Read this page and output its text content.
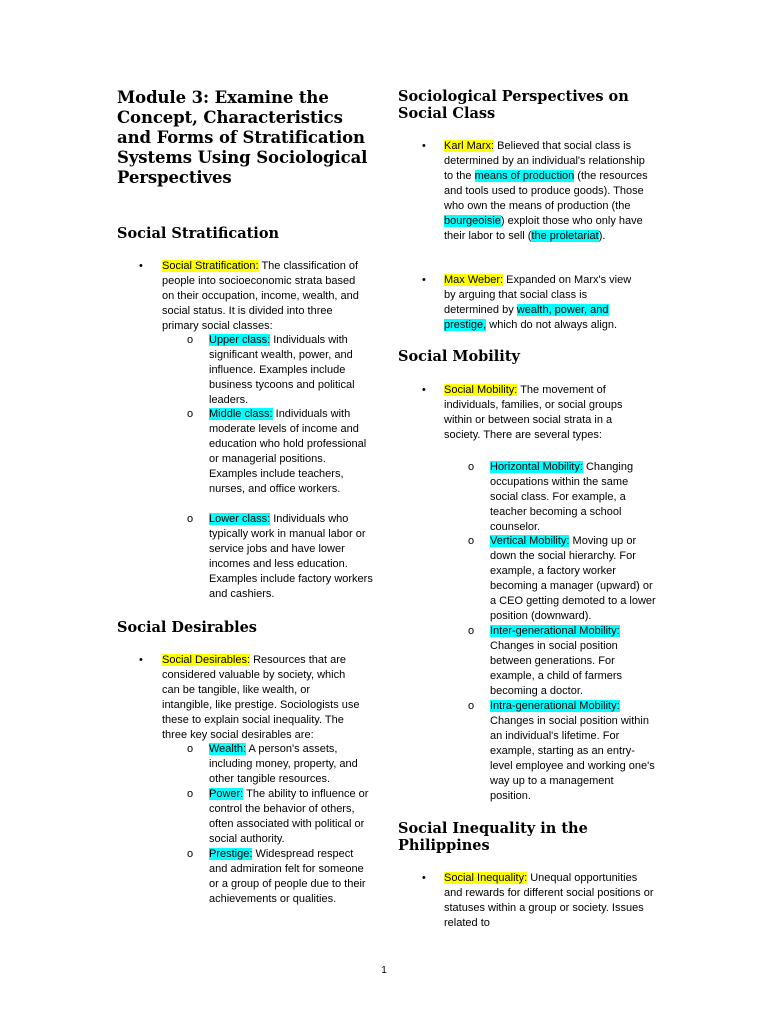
Module 3: Examine the Concept, Characteristics and Forms of Stratification Systems Using Sociological Perspectives
Social Stratification
• Social Stratification: The classification of people into socioeconomic strata based on their occupation, income, wealth, and social status. It is divided into three primary social classes:

o Upper class: Individuals with significant wealth, power, and influence. Examples include business tycoons and political leaders.

o Middle class: Individuals with moderate levels of income and education who hold professional or managerial positions. Examples include teachers, nurses, and office workers.

o Lower class: Individuals who typically work in manual labor or service jobs and have lower incomes and less education. Examples include factory workers and cashiers.

Social Desirables
• Social Desirables: Resources that are considered valuable by society, which can be tangible, like wealth, or intangible, like prestige. Sociologists use these to explain social inequality. The three key social desirables are:

o Wealth: A person's assets, including money, property, and other tangible resources.

o Power: The ability to influence or control the behavior of others, often associated with political or social authority.

o Prestige: Widespread respect and admiration felt for someone or a group of people due to their achievements or qualities.

Sociological Perspectives on Social Class
• Karl Marx: Believed that social class is determined by an individual's relationship to the means of production (the resources and tools used to produce goods). Those who own the means of production (the bourgeoisie) exploit those who only have their labor to sell (the proletariat).

• Max Weber: Expanded on Marx's view by arguing that social class is determined by wealth, power, and prestige, which do not always align.

Social Mobility
• Social Mobility: The movement of individuals, families, or social groups within or between social strata in a society. There are several types:

o Horizontal Mobility: Changing occupations within the same social class. For example, a teacher becoming a school counselor.

o Vertical Mobility: Moving up or down the social hierarchy. For example, a factory worker becoming a manager (upward) or a CEO getting demoted to a lower position (downward).

o Inter-generational Mobility: Changes in social position between generations. For example, a child of farmers becoming a doctor.

o Intra-generational Mobility: Changes in social position within an individual's lifetime. For example, starting as an entry-level employee and working one's way up to a management position.

Social Inequality in the Philippines
• Social Inequality: Unequal opportunities and rewards for different social positions or statuses within a group or society. Issues related to

1
